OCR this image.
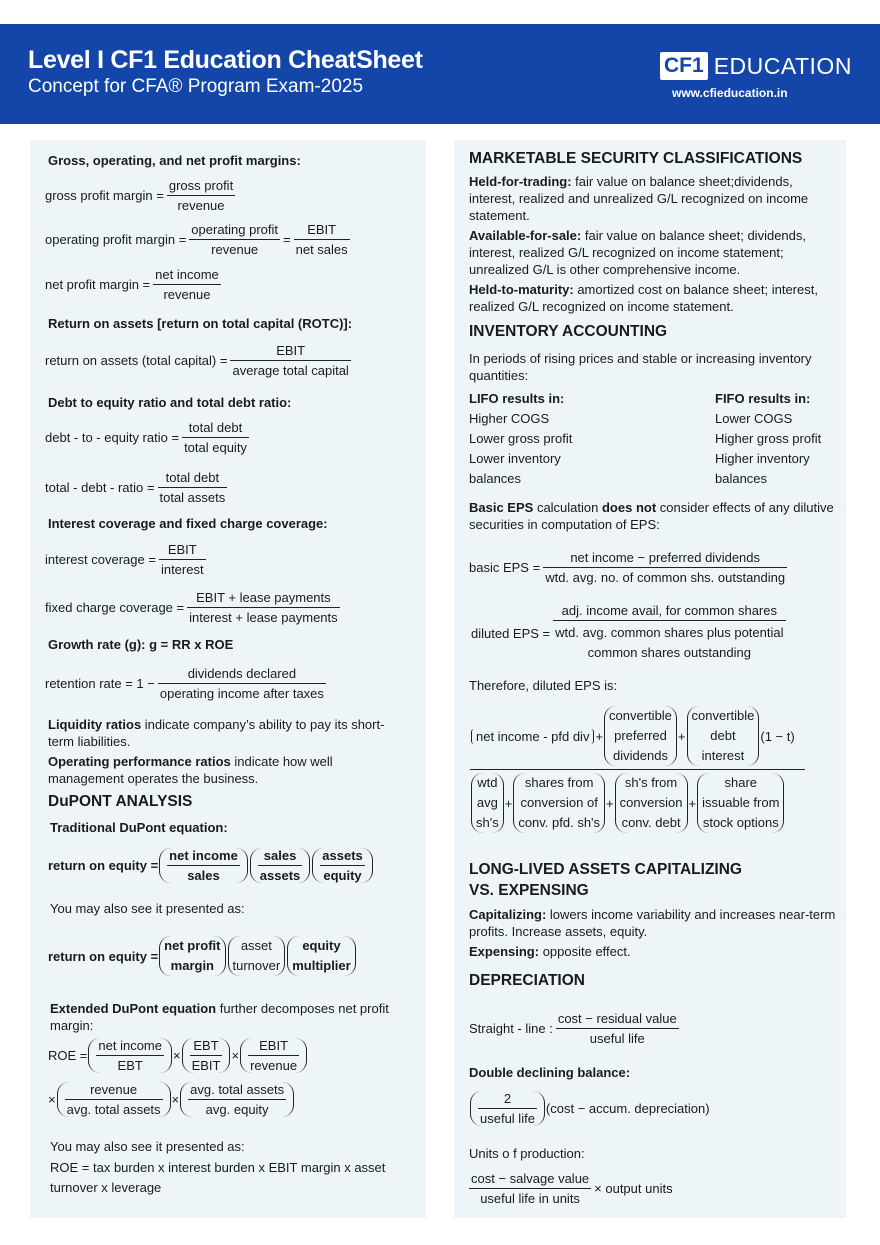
Level I CF1 Education CheatSheet
Concept for CFA® Program Exam-2025
CF1 EDUCATION
www.cfieducation.in
Gross, operating, and net profit margins:
gross profit margin =
gross profit
revenue
operating profit margin =
operating profit
revenue
=
EBIT
net sales
net profit margin =
net income
revenue
Return on assets [return on total capital (ROTC)]:
return on assets (total capital) =
EBIT
average total capital
Debt to equity ratio and total debt ratio:
debt - to - equity ratio =
total debt
total equity
total - debt - ratio =
total debt
total assets
Interest coverage and fixed charge coverage:
interest coverage =
EBIT
interest
fixed charge coverage =
EBIT + lease payments
interest + lease payments
Growth rate (g): g = RR x ROE
retention rate = 1 −
dividends declared
operating income after taxes
Liquidity ratios indicate company’s ability to pay its short-term liabilities.
Operating performance ratios indicate how well management operates the business.
DuPONT ANALYSIS
Traditional DuPont equation:
return on equity =
net income
sales
sales
assets
assets
equity
You may also see it presented as:
return on equity =
net profit
margin
asset
turnover
equity
multiplier
Extended DuPont equation further decomposes net profit margin:
ROE =
net income
EBT
×
EBT
EBIT
×
EBIT
revenue
×
revenue
avg. total assets
×
avg. total assets
avg. equity
You may also see it presented as:
ROE = tax burden x interest burden x EBIT margin x asset turnover x leverage
MARKETABLE SECURITY CLASSIFICATIONS
Held-for-trading: fair value on balance sheet;dividends, interest, realized and unrealized G/L recognized on income statement.
Available-for-sale: fair value on balance sheet; dividends, interest, realized G/L recognized on income statement; unrealized G/L is other comprehensive income.
Held-to-maturity: amortized cost on balance sheet; interest, realized G/L recognized on income statement.
INVENTORY ACCOUNTING
In periods of rising prices and stable or increasing inventory quantities:
LIFO results in:
Higher COGS
Lower gross profit
Lower inventory
balances
FIFO results in:
Lower COGS
Higher gross profit
Higher inventory
balances
Basic EPS calculation does not consider effects of any dilutive securities in computation of EPS:
basic EPS =
net income − preferred dividends
wtd. avg. no. of common shs. outstanding
diluted EPS =
adj. income avail, for common shares
wtd. avg. common shares plus potential
common shares outstanding
Therefore, diluted EPS is:
net income - pfd div +
convertible
preferred
dividends
+
convertible
debt
interest
(1 − t)
wtd
avg
sh's
+
shares from
conversion of
conv. pfd. sh's
+
sh's from
conversion
conv. debt
+
share
issuable from
stock options
LONG-LIVED ASSETS CAPITALIZING
VS. EXPENSING
Capitalizing: lowers income variability and increases near-term profits. Increase assets, equity.
Expensing: opposite effect.
DEPRECIATION
Straight - line :
cost − residual value
useful life
Double declining balance:
2
useful life
(cost − accum. depreciation)
Units o f production:
cost − salvage value
useful life in units
× output units
